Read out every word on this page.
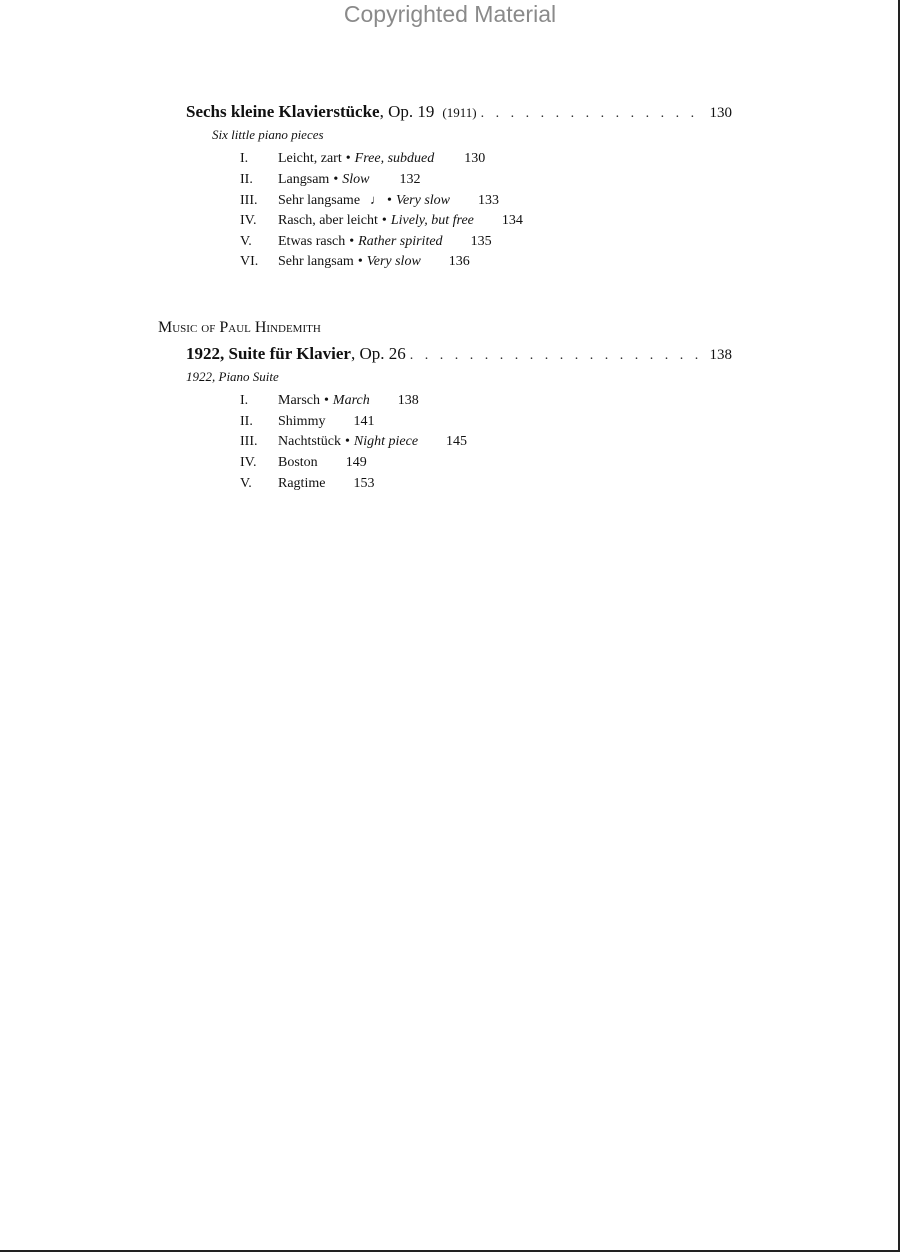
Copyrighted Material
Sechs kleine Klavierstücke , Op. 19 (1911) . . .	130
Six little piano pieces
I.	Leicht, zart • Free, subdued 130
II.	Langsam • Slow 132
III.	Sehr langsame ♩ • Very slow 133
IV.	Rasch, aber leicht • Lively, but free 134
V.	Etwas rasch • Rather spirited 135
VI.	Sehr langsam • Very slow 136
Music of Paul Hindemith
1922, Suite für Klavier , Op. 26 . . .	138
1922, Piano Suite
I.	Marsch • March 138
II.	Shimmy 141
III.	Nachtstück • Night piece 145
IV.	Boston 149
V.	Ragtime 153
